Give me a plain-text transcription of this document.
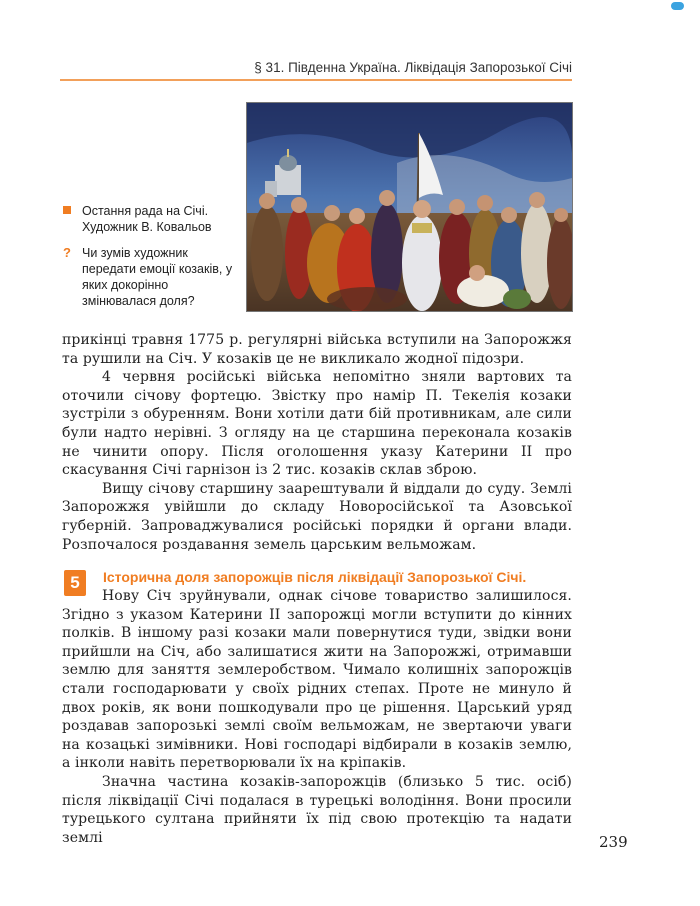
§ 31. Південна Україна. Ліквідація Запорозької Січі
Остання рада на Січі. Художник В. Ковальов
? Чи зумів художник передати емоції козаків, у яких докорінно змінювалася доля?

прикінці травня 1775 р. регулярні війська вступили на Запорожжя та рушили на Січ. У козаків це не викликало жодної підозри.

4 червня російські війська непомітно зняли вартових та оточили січову фортецю. Звістку про намір П. Текелія козаки зустріли з обуренням. Вони хотіли дати бій противникам, але сили були надто нерівні. З огляду на це старшина переконала козаків не чинити опору. Після оголошення указу Катерини II про скасування Січі гарнізон із 2 тис. козаків склав зброю.

Вищу січову старшину заарештували й віддали до суду. Землі Запорожжя увійшли до складу Новоросійської та Азовської губерній. Запроваджувалися російські порядки й органи влади. Розпочалося роздавання земель царським вельможам.

5	Історична доля запорожців після ліквідації Запорозької Січі.

Нову Січ зруйнували, однак січове товариство залишилося. Згідно з указом Катерини II запорожці могли вступити до кінних полків. В іншому разі козаки мали повернутися туди, звідки вони прийшли на Січ, або залишатися жити на Запорожжі, отримавши землю для заняття землеробством. Чимало колишніх запорожців стали господарювати у своїх рідних степах. Проте не минуло й двох років, як вони пошкодували про це рішення. Царський уряд роздавав запорозькі землі своїм вельможам, не звертаючи уваги на козацькі зимівники. Нові господарі відбирали в козаків землю, а інколи навіть перетворювали їх на кріпаків.

Значна частина козаків-запорожців (близько 5 тис. осіб) після ліквідації Січі подалася в турецькі володіння. Вони просили турецького султана прийняти їх під свою протекцію та надати землі	239
